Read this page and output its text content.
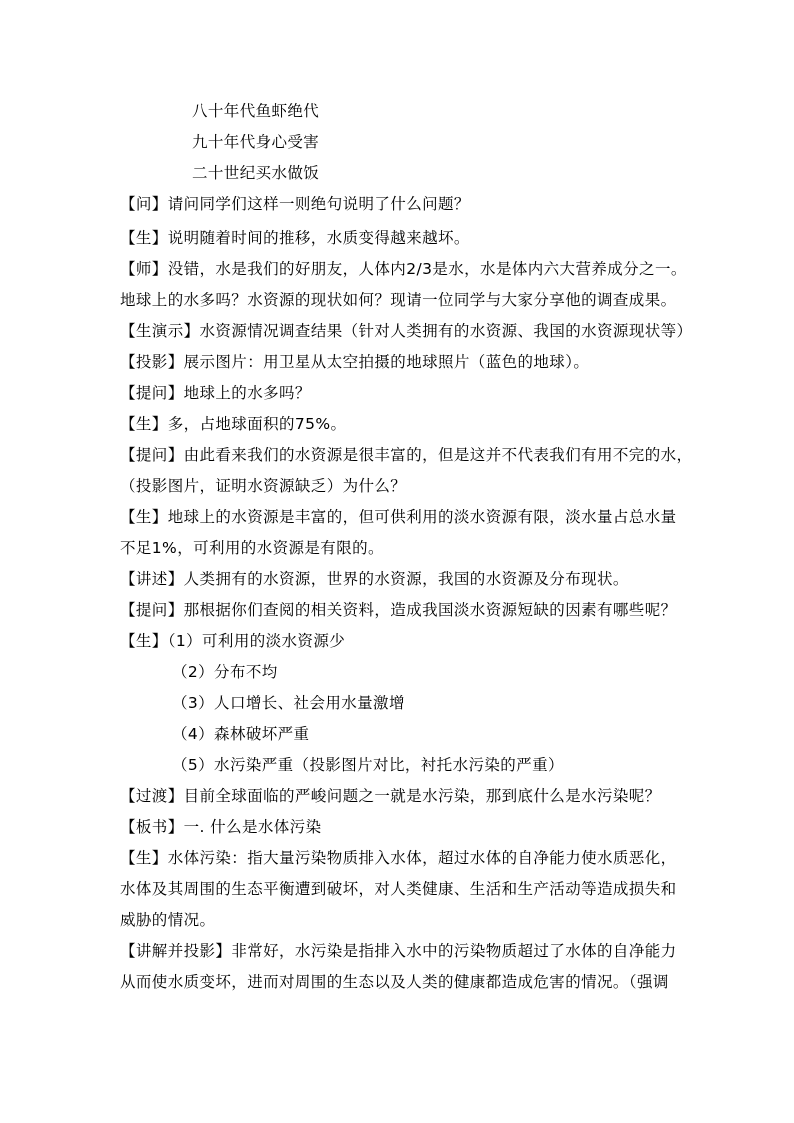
八十年代鱼虾绝代
九十年代身心受害
二十世纪买水做饭
【问】请问同学们这样一则绝句说明了什么问题？
【生】说明随着时间的推移，水质变得越来越坏。
【师】没错，水是我们的好朋友，人体内2/3是水，水是体内六大营养成分之一。
地球上的水多吗？水资源的现状如何？现请一位同学与大家分享他的调查成果。
【生演示】水资源情况调查结果（针对人类拥有的水资源、我国的水资源现状等）
【投影】展示图片：用卫星从太空拍摄的地球照片（蓝色的地球）。
【提问】地球上的水多吗？
【生】多，占地球面积的75%。
【提问】由此看来我们的水资源是很丰富的，但是这并不代表我们有用不完的水，
（投影图片，证明水资源缺乏）为什么？
【生】地球上的水资源是丰富的，但可供利用的淡水资源有限，淡水量占总水量
不足1%，可利用的水资源是有限的。
【讲述】人类拥有的水资源，世界的水资源，我国的水资源及分布现状。
【提问】那根据你们查阅的相关资料，造成我国淡水资源短缺的因素有哪些呢？
【生】（1）可利用的淡水资源少
（2）分布不均
（3）人口增长、社会用水量激增
（4）森林破坏严重
（5）水污染严重（投影图片对比，衬托水污染的严重）
【过渡】目前全球面临的严峻问题之一就是水污染，那到底什么是水污染呢？
【板书】一. 什么是水体污染
【生】水体污染：指大量污染物质排入水体，超过水体的自净能力使水质恶化，
水体及其周围的生态平衡遭到破坏，对人类健康、生活和生产活动等造成损失和
威胁的情况。
【讲解并投影】非常好，水污染是指排入水中的污染物质超过了水体的自净能力
从而使水质变坏，进而对周围的生态以及人类的健康都造成危害的情况。（强调
